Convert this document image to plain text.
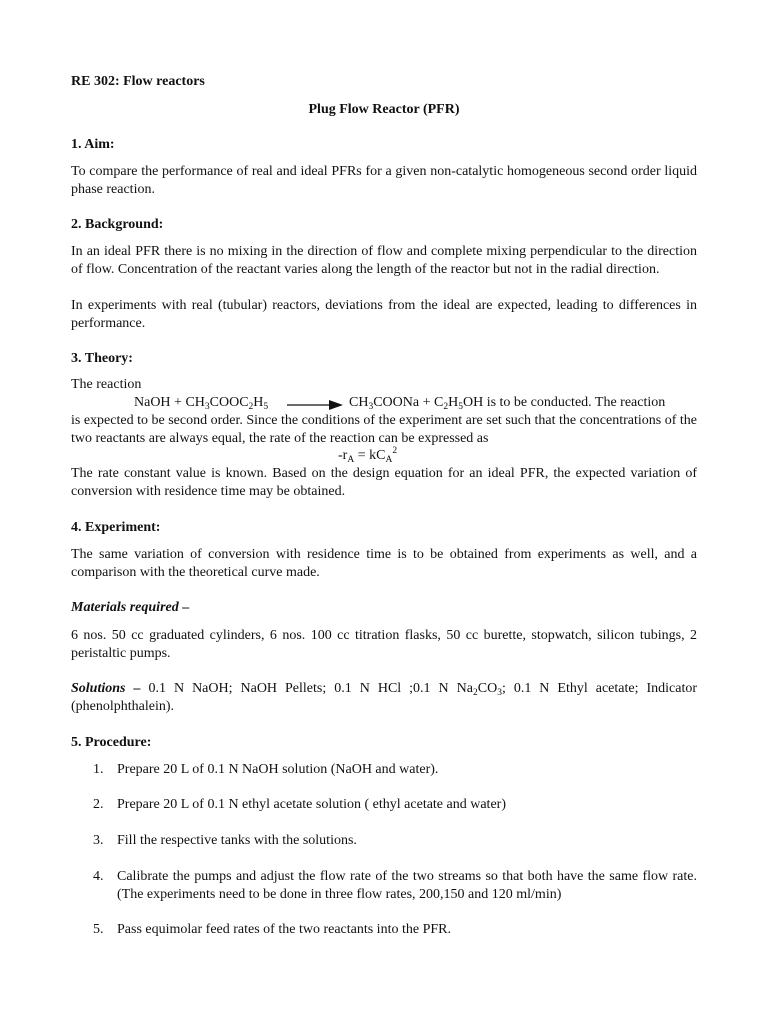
RE 302: Flow reactors

Plug Flow Reactor (PFR)

1. Aim:

To compare the performance of real and ideal PFRs for a given non-catalytic homogeneous second order liquid phase reaction.

2. Background:

In an ideal PFR there is no mixing in the direction of flow and complete mixing perpendicular to the direction of flow. Concentration of the reactant varies along the length of the reactor but not in the radial direction.

In experiments with real (tubular) reactors, deviations from the ideal are expected, leading to differences in performance.

3. Theory:

The reaction

NaOH + $CH_3COOC_2H_5$ → $CH_3COONa + C_2H_5OH$ is to be conducted. The reaction

is expected to be second order. Since the conditions of the experiment are set such that the concentrations of the two reactants are always equal, the rate of the reaction can be expressed as

$-r_A = kC_A^2$

The rate constant value is known. Based on the design equation for an ideal PFR, the expected variation of conversion with residence time may be obtained.

4. Experiment:

The same variation of conversion with residence time is to be obtained from experiments as well, and a comparison with the theoretical curve made.

Materials required –

6 nos. 50 cc graduated cylinders, 6 nos. 100 cc titration flasks, 50 cc burette, stopwatch, silicon tubings, 2 peristaltic pumps.

Solutions – 0.1 N NaOH; NaOH Pellets; 0.1 N HCl ;0.1 N $Na_2CO_3$; 0.1 N Ethyl acetate; Indicator (phenolphthalein).

5. Procedure:

1. Prepare 20 L of 0.1 N NaOH solution (NaOH and water).
2. Prepare 20 L of 0.1 N ethyl acetate solution ( ethyl acetate and water)
3. Fill the respective tanks with the solutions.
4. Calibrate the pumps and adjust the flow rate of the two streams so that both have the same flow rate. (The experiments need to be done in three flow rates, 200,150 and 120 ml/min)
5. Pass equimolar feed rates of the two reactants into the PFR.
